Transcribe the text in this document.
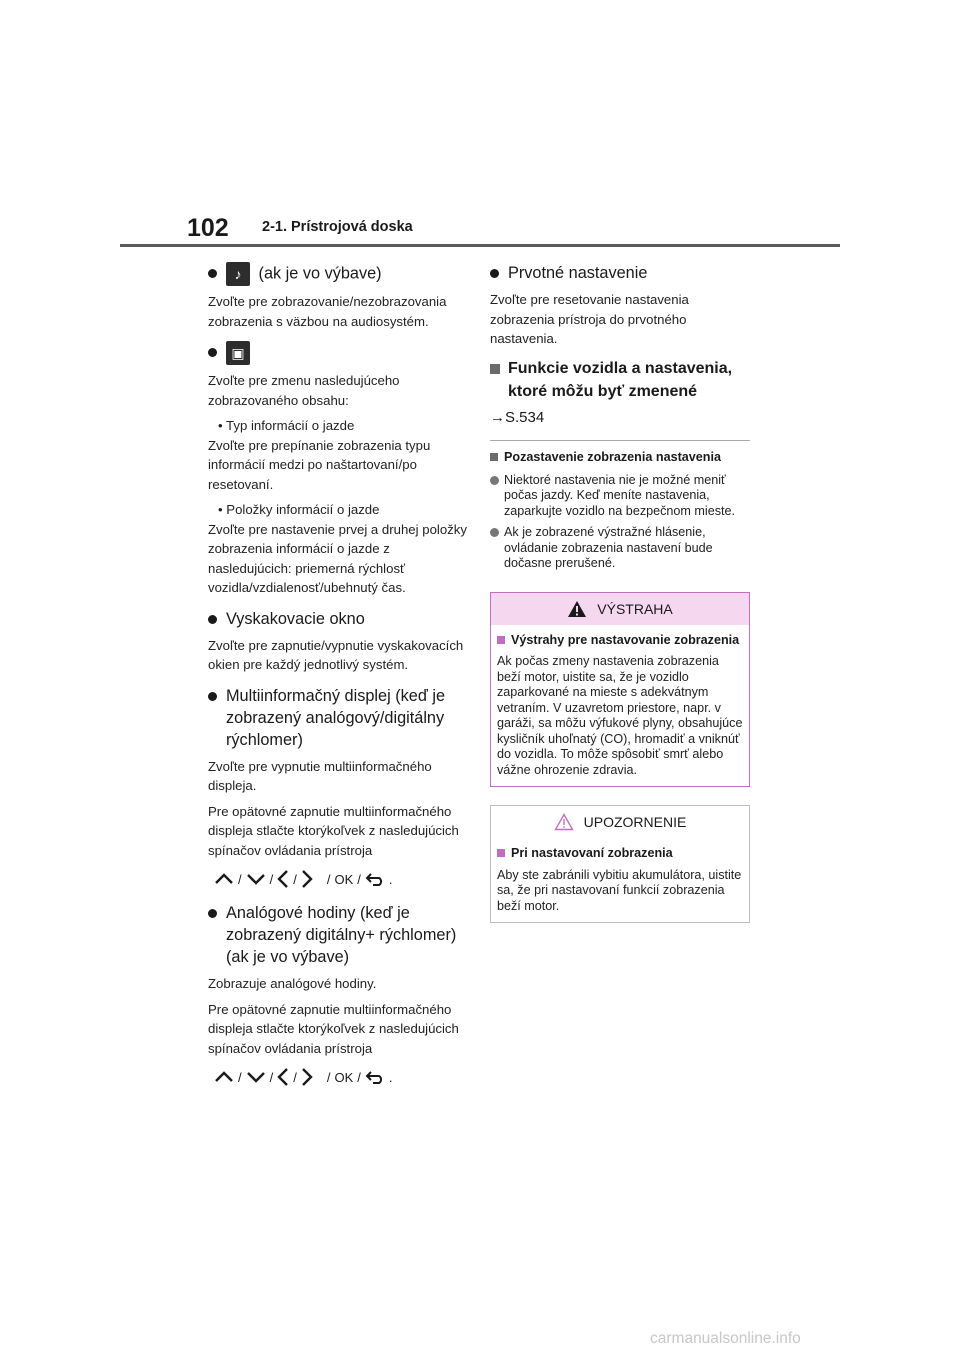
102 2-1. Prístrojová doska
♪ (ak je vo výbave)

Zvoľte pre zobrazovanie/nezobrazovania zobrazenia s väzbou na audiosystém.

▣

Zvoľte pre zmenu nasledujúceho zobrazovaného obsahu:

• Typ informácií o jazde

Zvoľte pre prepínanie zobrazenia typu informácií medzi po naštartovaní/po resetovaní.

• Položky informácií o jazde

Zvoľte pre nastavenie prvej a druhej položky zobrazenia informácií o jazde z nasledujúcich: priemerná rýchlosť vozidla/vzdialenosť/ubehnutý čas.

Vyskakovacie okno

Zvoľte pre zapnutie/vypnutie vyskakovacích okien pre každý jednotlivý systém.

Multiinformačný displej (keď je zobrazený analógový/digitálny rýchlomer)

Zvoľte pre vypnutie multiinformačného displeja.

Pre opätovné zapnutie multiinformačného displeja stlačte ktorýkoľvek z nasledujúcich spínačov ovládania prístroja

/ / / / OK / .
Analógové hodiny (keď je zobrazený digitálny+ rýchlomer) (ak je vo výbave)

Zobrazuje analógové hodiny.

Pre opätovné zapnutie multiinformačného displeja stlačte ktorýkoľvek z nasledujúcich spínačov ovládania prístroja

/ / / / OK / .
Prvotné nastavenie

Zvoľte pre resetovanie nastavenia zobrazenia prístroja do prvotného nastavenia.

Funkcie vozidla a nastavenia, ktoré môžu byť zmenené
→S.534
Pozastavenie zobrazenia nastavenia
Niektoré nastavenia nie je možné meniť počas jazdy. Keď meníte nastavenia, zaparkujte vozidlo na bezpečnom mieste.
Ak je zobrazené výstražné hlásenie, ovládanie zobrazenia nastavení bude dočasne prerušené.
VÝSTRAHA
Výstrahy pre nastavovanie zobrazenia

Ak počas zmeny nastavenia zobrazenia beží motor, uistite sa, že je vozidlo zaparkované na mieste s adekvátnym vetraním. V uzavretom priestore, napr. v garáži, sa môžu výfukové plyny, obsahujúce kysličník uhoľnatý (CO), hromadiť a vniknúť do vozidla. To môže spôsobiť smrť alebo vážne ohrozenie zdravia.

UPOZORNENIE
Pri nastavovaní zobrazenia

Aby ste zabránili vybitiu akumulátora, uistite sa, že pri nastavovaní funkcií zobrazenia beží motor.

carmanualsonline.info
